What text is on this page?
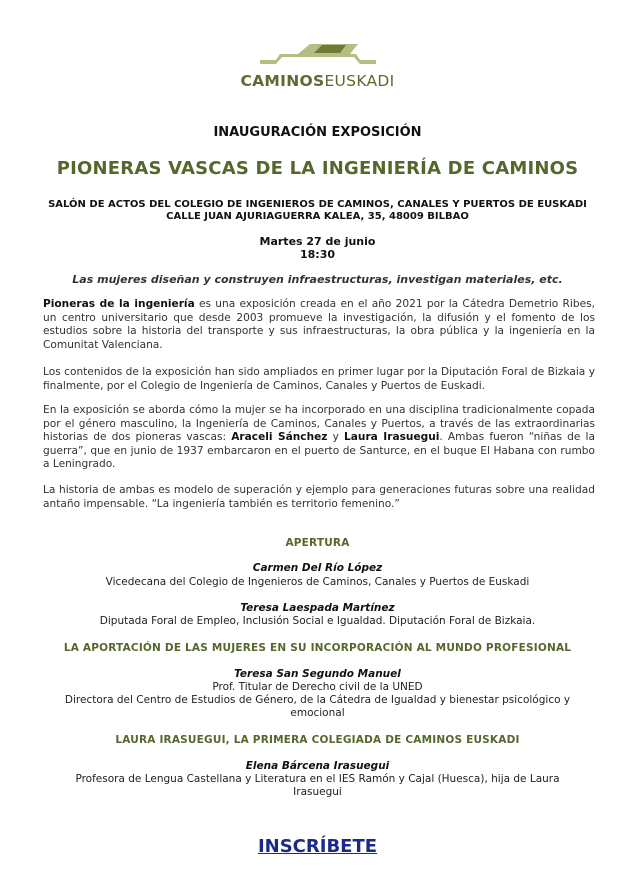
CAMINOSEUSKADI
INAUGURACIÓN EXPOSICIÓN
PIONERAS VASCAS DE LA INGENIERÍA DE CAMINOS
SALÓN DE ACTOS DEL COLEGIO DE INGENIEROS DE CAMINOS, CANALES Y PUERTOS DE EUSKADI
CALLE JUAN AJURIAGUERRA KALEA, 35, 48009 BILBAO
Martes 27 de junio
18:30
Las mujeres diseñan y construyen infraestructuras, investigan materiales, etc.
Pioneras de la ingeniería es una exposición creada en el año 2021 por la Cátedra Demetrio Ribes, un centro universitario que desde 2003 promueve la investigación, la difusión y el fomento de los estudios sobre la historia del transporte y sus infraestructuras, la obra pública y la ingeniería en la Comunitat Valenciana.
Los contenidos de la exposición han sido ampliados en primer lugar por la Diputación Foral de Bizkaia y finalmente, por el Colegio de Ingeniería de Caminos, Canales y Puertos de Euskadi.
En la exposición se aborda cómo la mujer se ha incorporado en una disciplina tradicionalmente copada por el género masculino, la Ingeniería de Caminos, Canales y Puertos, a través de las extraordinarias historias de dos pioneras vascas: Araceli Sánchez y Laura Irasuegui. Ambas fueron “niñas de la guerra”, que en junio de 1937 embarcaron en el puerto de Santurce, en el buque El Habana con rumbo a Leningrado.
La historia de ambas es modelo de superación y ejemplo para generaciones futuras sobre una realidad antaño impensable. “La ingeniería también es territorio femenino.”
APERTURA
Carmen Del Río López
Vicedecana del Colegio de Ingenieros de Caminos, Canales y Puertos de Euskadi
Teresa Laespada Martínez
Diputada Foral de Empleo, Inclusión Social e Igualdad. Diputación Foral de Bizkaia.
LA APORTACIÓN DE LAS MUJERES EN SU INCORPORACIÓN AL MUNDO PROFESIONAL
Teresa San Segundo Manuel
Prof. Titular de Derecho civil de la UNED
Directora del Centro de Estudios de Género, de la Cátedra de Igualdad y bienestar psicológico y
emocional
LAURA IRASUEGUI, LA PRIMERA COLEGIADA DE CAMINOS EUSKADI
Elena Bárcena Irasuegui
Profesora de Lengua Castellana y Literatura en el IES Ramón y Cajal (Huesca), hija de Laura
Irasuegui
INSCRÍBETE
